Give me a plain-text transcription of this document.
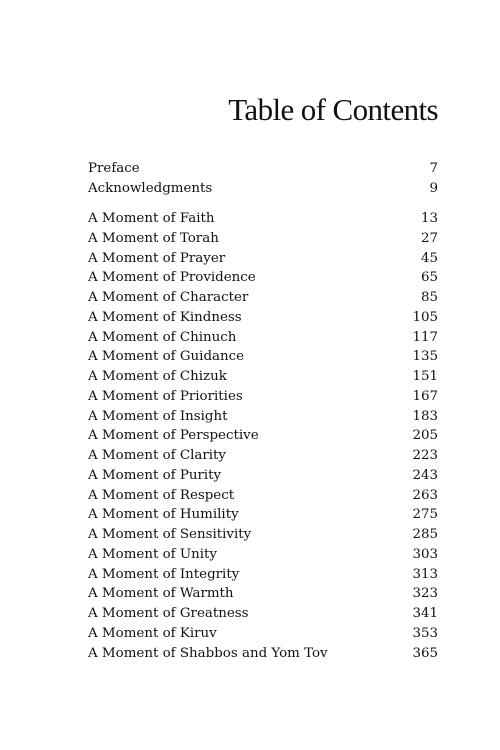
Table of Contents
Preface	7
Acknowledgments	9
A Moment of Faith	13
A Moment of Torah	27
A Moment of Prayer	45
A Moment of Providence	65
A Moment of Character	85
A Moment of Kindness	105
A Moment of Chinuch	117
A Moment of Guidance	135
A Moment of Chizuk	151
A Moment of Priorities	167
A Moment of Insight	183
A Moment of Perspective	205
A Moment of Clarity	223
A Moment of Purity	243
A Moment of Respect	263
A Moment of Humility	275
A Moment of Sensitivity	285
A Moment of Unity	303
A Moment of Integrity	313
A Moment of Warmth	323
A Moment of Greatness	341
A Moment of Kiruv	353
A Moment of Shabbos and Yom Tov	365
